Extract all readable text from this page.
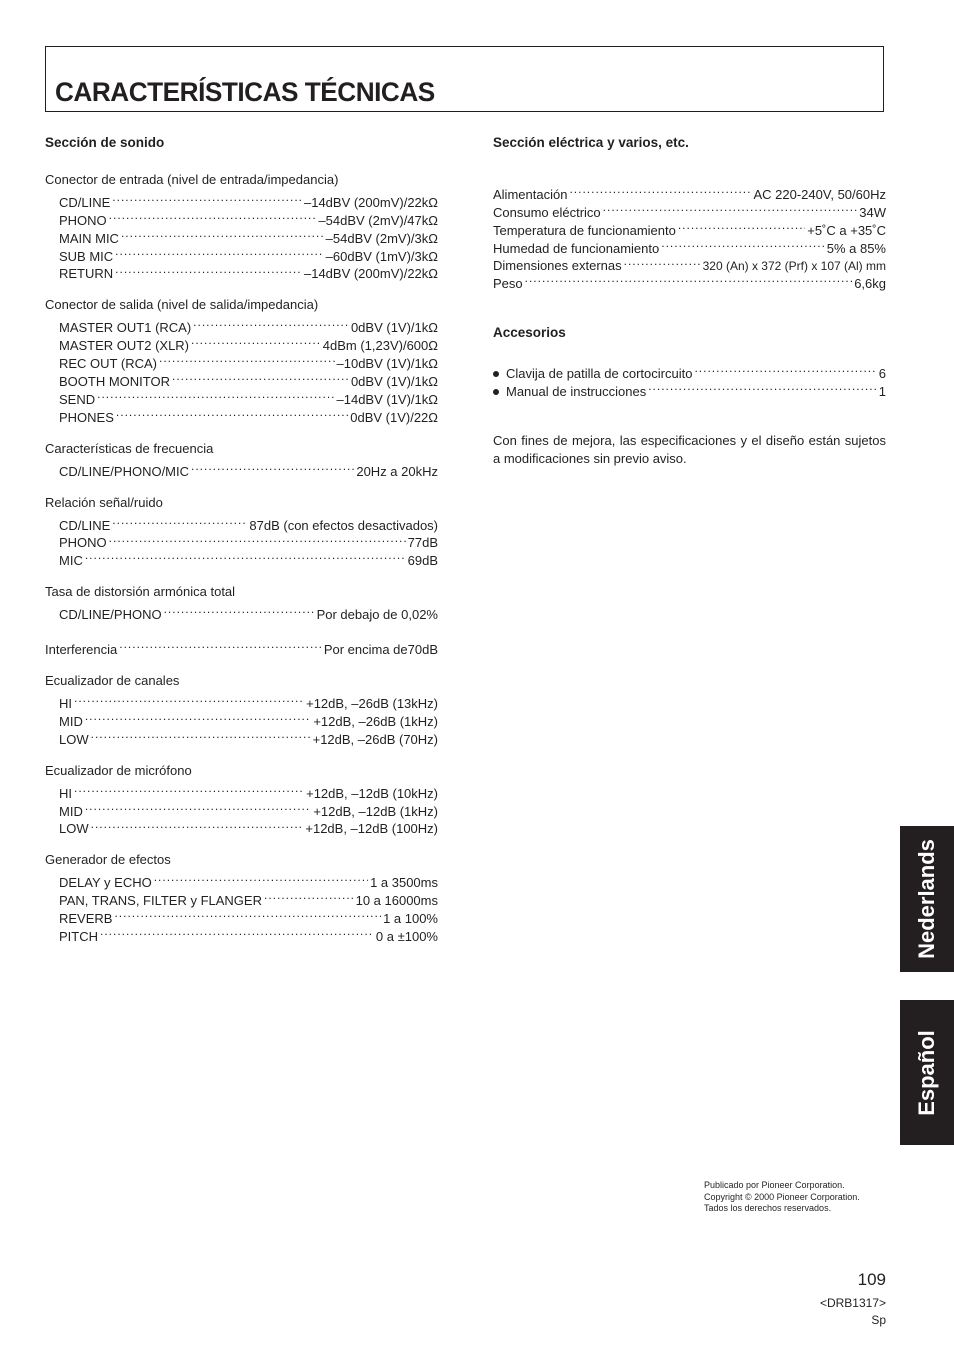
CARACTERÍSTICAS TÉCNICAS
Sección de sonido
Conector de entrada (nivel de entrada/impedancia)
CD/LINE .....	–14dBV (200mV)/22kΩ
PHONO .....	–54dBV (2mV)/47kΩ
MAIN MIC .....	–54dBV (2mV)/3kΩ
SUB MIC .....	–60dBV (1mV)/3kΩ
RETURN .....	–14dBV (200mV)/22kΩ
Conector de salida (nivel de salida/impedancia)
MASTER OUT1 (RCA) .....	0dBV (1V)/1kΩ
MASTER OUT2 (XLR) .....	4dBm (1,23V)/600Ω
REC OUT (RCA) .....	–10dBV (1V)/1kΩ
BOOTH MONITOR .....	0dBV (1V)/1kΩ
SEND .....	–14dBV (1V)/1kΩ
PHONES .....	0dBV (1V)/22Ω
Características de frecuencia
CD/LINE/PHONO/MIC .....	20Hz a 20kHz
Relación señal/ruido
CD/LINE .....	87dB (con efectos desactivados)
PHONO .....	77dB
MIC .....	69dB
Tasa de distorsión armónica total
CD/LINE/PHONO .....	Por debajo de 0,02%
Interferencia .....	Por encima de70dB
Ecualizador de canales
HI .....	+12dB, –26dB (13kHz)
MID .....	+12dB, –26dB (1kHz)
LOW .....	+12dB, –26dB (70Hz)
Ecualizador de micrófono
HI .....	+12dB, –12dB (10kHz)
MID .....	+12dB, –12dB (1kHz)
LOW .....	+12dB, –12dB (100Hz)
Generador de efectos
DELAY y ECHO .....	1 a 3500ms
PAN, TRANS, FILTER y FLANGER .....	10 a 16000ms
REVERB .....	1 a 100%
PITCH .....	0 a ±100%
Sección eléctrica y varios, etc.
Alimentación .....	AC 220-240V, 50/60Hz
Consumo eléctrico .....	34W
Temperatura de funcionamiento .....	+5˚C a +35˚C
Humedad de funcionamiento .....	5% a 85%
Dimensiones externas .....	320 (An) x 372 (Prf) x 107 (Al) mm
Peso .....	6,6kg
Accesorios
Clavija de patilla de cortocircuito .....	6
Manual de instrucciones .....	1
Con fines de mejora, las especificaciones y el diseño están sujetos a modificaciones sin previo aviso.
Nederlands
Español
Publicado por Pioneer Corporation.
Copyright © 2000 Pioneer Corporation.
Tados los derechos reservados.
109
<DRB1317>
Sp
